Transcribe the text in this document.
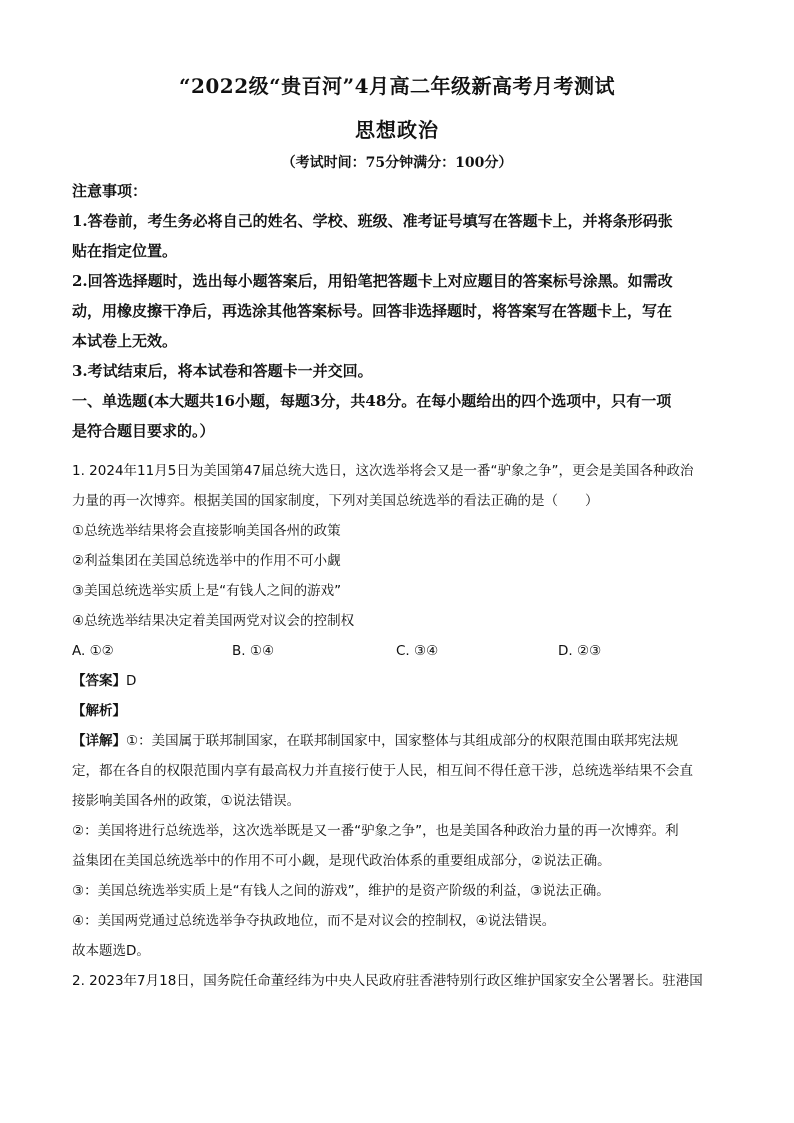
“2022级“贵百河”4月高二年级新高考月考测试
思想政治
（考试时间：75分钟满分：100分）
注意事项：
1.答卷前，考生务必将自己的姓名、学校、班级、准考证号填写在答题卡上，并将条形码张
贴在指定位置。
2.回答选择题时，选出每小题答案后，用铅笔把答题卡上对应题目的答案标号涂黑。如需改
动，用橡皮擦干净后，再选涂其他答案标号。回答非选择题时，将答案写在答题卡上，写在
本试卷上无效。
3.考试结束后，将本试卷和答题卡一并交回。
一、单选题(本大题共16小题，每题3分，共48分。在每小题给出的四个选项中，只有一项
是符合题目要求的。）
1. 2024年11月5日为美国第47届总统大选日，这次选举将会又是一番“驴象之争”，更会是美国各种政治
力量的再一次博弈。根据美国的国家制度，下列对美国总统选举的看法正确的是（　　）
①总统选举结果将会直接影响美国各州的政策
②利益集团在美国总统选举中的作用不可小觑
③美国总统选举实质上是“有钱人之间的游戏”
④总统选举结果决定着美国两党对议会的控制权
A. ①②	B. ①④	C. ③④	D. ②③
【答案】D
【解析】
【详解】①：美国属于联邦制国家，在联邦制国家中，国家整体与其组成部分的权限范围由联邦宪法规
定，都在各自的权限范围内享有最高权力并直接行使于人民，相互间不得任意干涉，总统选举结果不会直
接影响美国各州的政策，①说法错误。
②：美国将进行总统选举，这次选举既是又一番“驴象之争”，也是美国各种政治力量的再一次博弈。利
益集团在美国总统选举中的作用不可小觑，是现代政治体系的重要组成部分，②说法正确。
③：美国总统选举实质上是“有钱人之间的游戏”，维护的是资产阶级的利益，③说法正确。
④：美国两党通过总统选举争夺执政地位，而不是对议会的控制权，④说法错误。
故本题选D。
2. 2023年7月18日，国务院任命董经纬为中央人民政府驻香港特别行政区维护国家安全公署署长。驻港国
